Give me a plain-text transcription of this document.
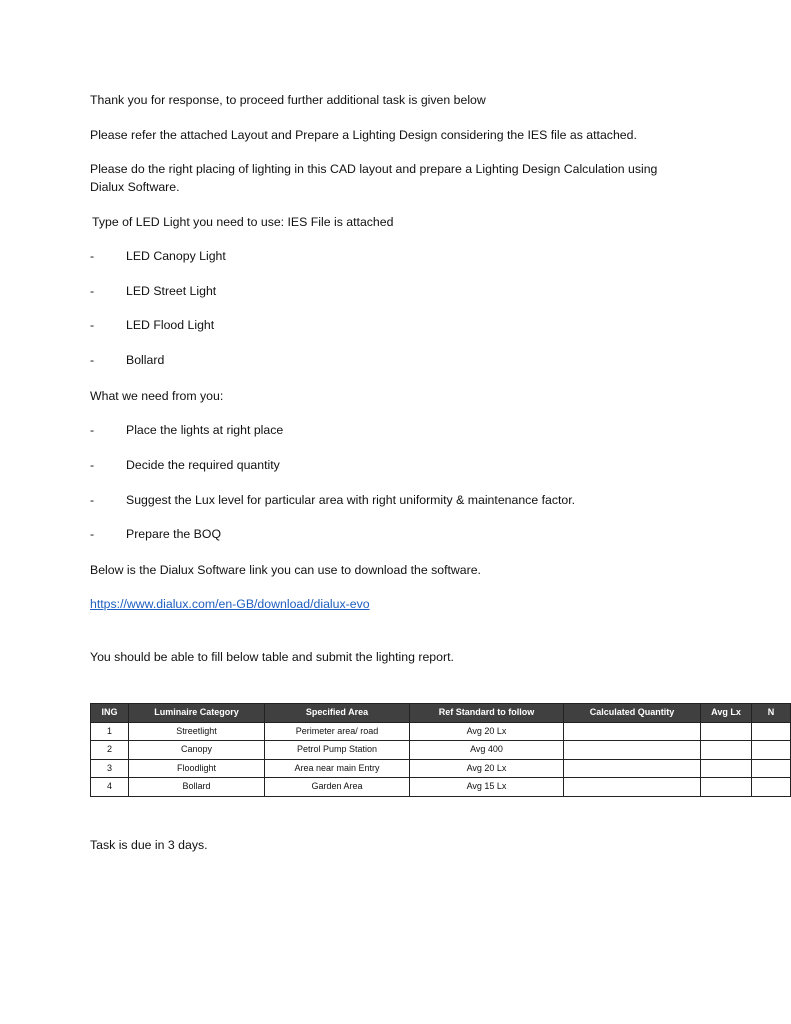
Thank you for response, to proceed further additional task is given below

Please refer the attached Layout and Prepare a Lighting Design considering the IES file as attached.

Please do the right placing of lighting in this CAD layout and prepare a Lighting Design Calculation using Dialux Software.

Type of LED Light you need to use: IES File is attached

-	LED Canopy Light
-	LED Street Light
-	LED Flood Light
-	Bollard

What we need from you:

-	Place the lights at right place
-	Decide the required quantity
-	Suggest the Lux level for particular area with right uniformity & maintenance factor.
-	Prepare the BOQ

Below is the Dialux Software link you can use to download the software.

https://www.dialux.com/en-GB/download/dialux-evo

You should be able to fill below table and submit the lighting report.

ING	Luminaire Category	Specified Area	Ref Standard to follow	Calculated Quantity	Avg Lx	N
1	Streetlight	Perimeter area/ road	Avg 20 Lx			
2	Canopy	Petrol Pump Station	Avg 400			
3	Floodlight	Area near main Entry	Avg 20 Lx			
4	Bollard	Garden Area	Avg 15 Lx			

Task is due in 3 days.
